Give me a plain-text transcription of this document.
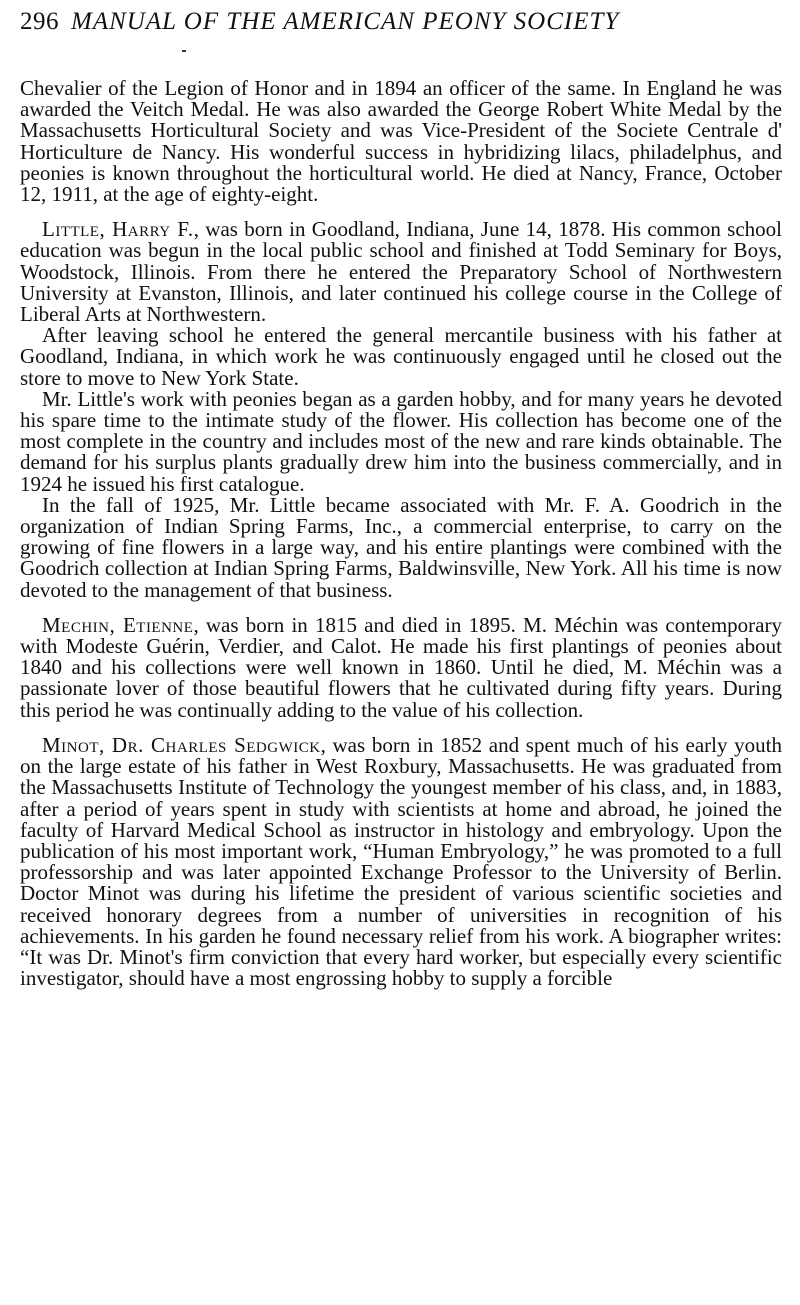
296 MANUAL OF THE AMERICAN PEONY SOCIETY

Chevalier of the Legion of Honor and in 1894 an officer of the same. In England he was awarded the Veitch Medal. He was also awarded the George Robert White Medal by the Massachusetts Horticultural Society and was Vice-President of the Societe Centrale d' Horticulture de Nancy. His wonderful success in hybridizing lilacs, philadelphus, and peonies is known throughout the horticultural world. He died at Nancy, France, October 12, 1911, at the age of eighty-eight.

Little, Harry F., was born in Goodland, Indiana, June 14, 1878. His common school education was begun in the local public school and finished at Todd Seminary for Boys, Woodstock, Illinois. From there he entered the Preparatory School of Northwestern University at Evanston, Illinois, and later continued his college course in the College of Liberal Arts at Northwestern.

After leaving school he entered the general mercantile business with his father at Goodland, Indiana, in which work he was continuously engaged until he closed out the store to move to New York State.

Mr. Little's work with peonies began as a garden hobby, and for many years he devoted his spare time to the intimate study of the flower. His collection has become one of the most complete in the country and includes most of the new and rare kinds obtainable. The demand for his surplus plants gradually drew him into the business commercially, and in 1924 he issued his first catalogue.

In the fall of 1925, Mr. Little became associated with Mr. F. A. Goodrich in the organization of Indian Spring Farms, Inc., a commercial enterprise, to carry on the growing of fine flowers in a large way, and his entire plantings were combined with the Goodrich collection at Indian Spring Farms, Baldwinsville, New York. All his time is now devoted to the management of that business.

Mechin, Etienne, was born in 1815 and died in 1895. M. Méchin was contemporary with Modeste Guérin, Verdier, and Calot. He made his first plantings of peonies about 1840 and his collections were well known in 1860. Until he died, M. Méchin was a passionate lover of those beautiful flowers that he cultivated during fifty years. During this period he was continually adding to the value of his collection.

Minot, Dr. Charles Sedgwick, was born in 1852 and spent much of his early youth on the large estate of his father in West Roxbury, Massachusetts. He was graduated from the Massachusetts Institute of Technology the youngest member of his class, and, in 1883, after a period of years spent in study with scientists at home and abroad, he joined the faculty of Harvard Medical School as instructor in histology and embryology. Upon the publication of his most important work, “Human Embryology,” he was promoted to a full professorship and was later appointed Exchange Professor to the University of Berlin. Doctor Minot was during his lifetime the president of various scientific societies and received honorary degrees from a number of universities in recognition of his achievements. In his garden he found necessary relief from his work. A biographer writes: “It was Dr. Minot's firm conviction that every hard worker, but especially every scientific investigator, should have a most engrossing hobby to supply a forcible
